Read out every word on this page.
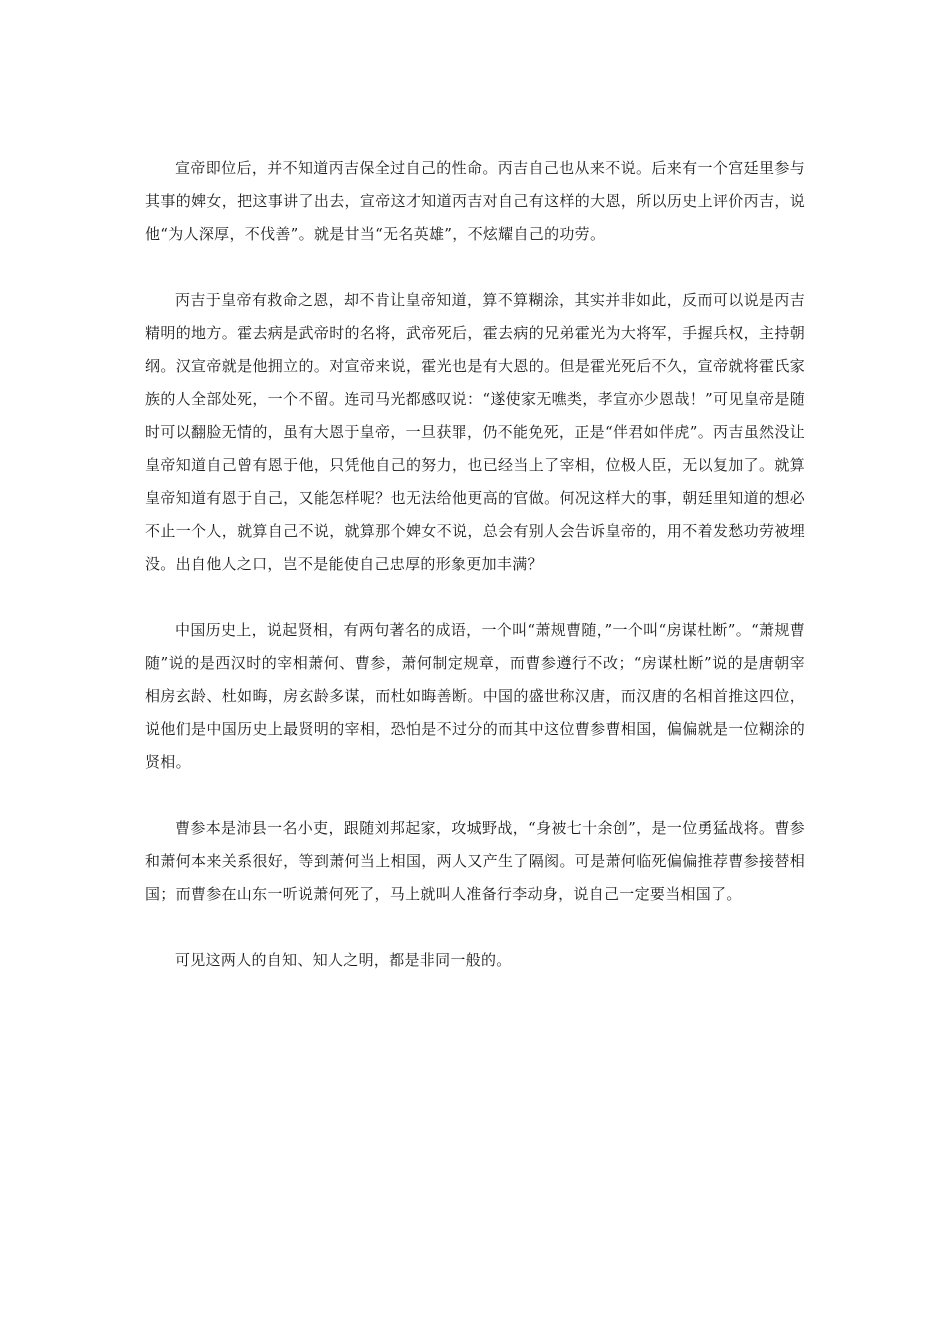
宣帝即位后，并不知道丙吉保全过自己的性命。丙吉自己也从来不说。后来有一个宫廷里参与其事的婢女，把这事讲了出去，宣帝这才知道丙吉对自己有这样的大恩，所以历史上评价丙吉，说他“为人深厚，不伐善”。就是甘当“无名英雄”，不炫耀自己的功劳。

丙吉于皇帝有救命之恩，却不肯让皇帝知道，算不算糊涂，其实并非如此，反而可以说是丙吉精明的地方。霍去病是武帝时的名将，武帝死后，霍去病的兄弟霍光为大将军，手握兵权，主持朝纲。汉宣帝就是他拥立的。对宣帝来说，霍光也是有大恩的。但是霍光死后不久，宣帝就将霍氏家族的人全部处死，一个不留。连司马光都感叹说：“遂使家无噍类，孝宣亦少恩哉！”可见皇帝是随时可以翻脸无情的，虽有大恩于皇帝，一旦获罪，仍不能免死，正是“伴君如伴虎”。丙吉虽然没让皇帝知道自己曾有恩于他，只凭他自己的努力，也已经当上了宰相，位极人臣，无以复加了。就算皇帝知道有恩于自己，又能怎样呢？也无法给他更高的官做。何况这样大的事，朝廷里知道的想必不止一个人，就算自己不说，就算那个婢女不说，总会有别人会告诉皇帝的，用不着发愁功劳被埋没。出自他人之口，岂不是能使自己忠厚的形象更加丰满？

中国历史上，说起贤相，有两句著名的成语，一个叫“萧规曹随，”一个叫“房谋杜断”。“萧规曹随”说的是西汉时的宰相萧何、曹参，萧何制定规章，而曹参遵行不改；“房谋杜断”说的是唐朝宰相房玄龄、杜如晦，房玄龄多谋，而杜如晦善断。中国的盛世称汉唐，而汉唐的名相首推这四位，说他们是中国历史上最贤明的宰相，恐怕是不过分的而其中这位曹参曹相国，偏偏就是一位糊涂的贤相。

曹参本是沛县一名小吏，跟随刘邦起家，攻城野战，“身被七十余创”，是一位勇猛战将。曹参和萧何本来关系很好，等到萧何当上相国，两人又产生了隔阂。可是萧何临死偏偏推荐曹参接替相国；而曹参在山东一听说萧何死了，马上就叫人准备行李动身，说自己一定要当相国了。

可见这两人的自知、知人之明，都是非同一般的。
